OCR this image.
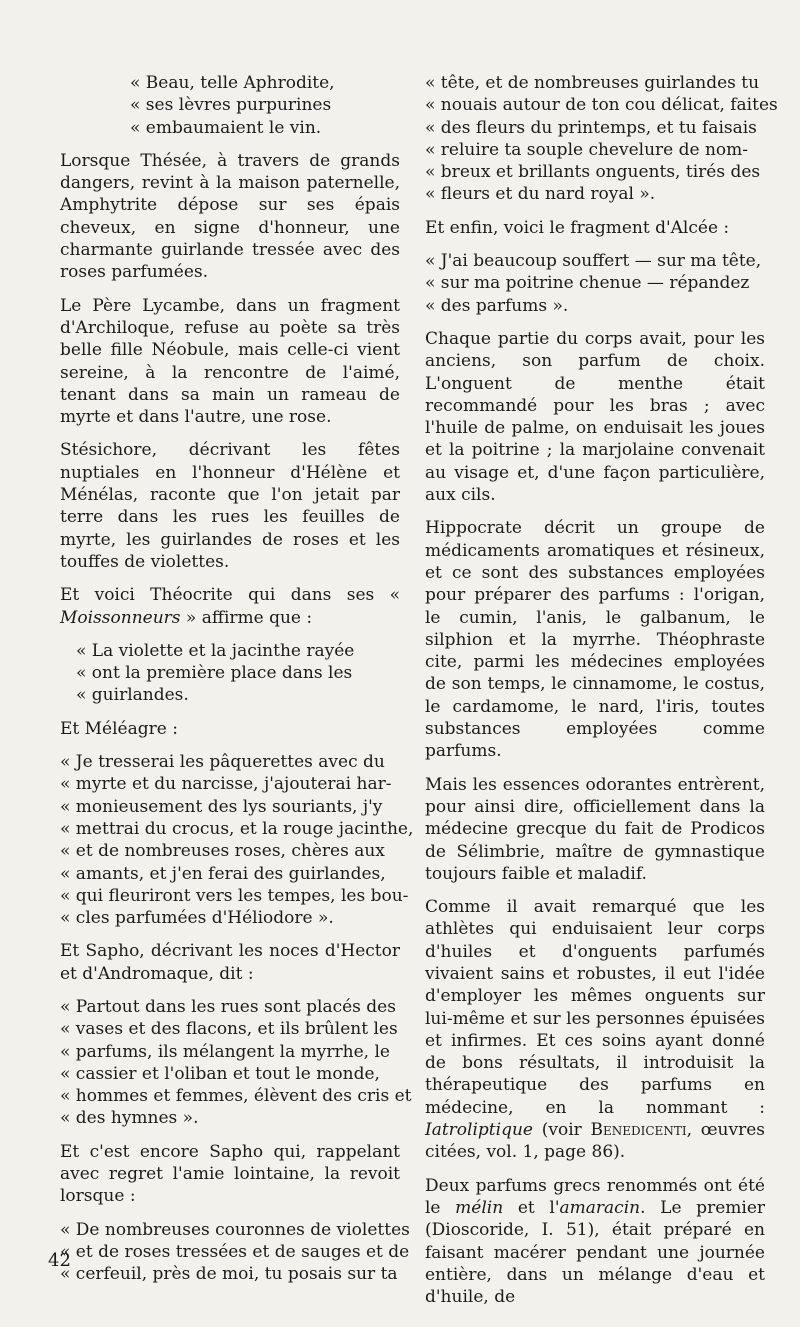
« Beau, telle Aphrodite,
« ses lèvres purpurines
« embaumaient le vin.

Lorsque Thésée, à travers de grands dangers, revint à la maison paternelle, Amphytrite dépose sur ses épais cheveux, en signe d'honneur, une charmante guirlande tressée avec des roses parfumées.

Le Père Lycambe, dans un fragment d'Archiloque, refuse au poète sa très belle fille Néobule, mais celle-ci vient sereine, à la rencontre de l'aimé, tenant dans sa main un rameau de myrte et dans l'autre, une rose.

Stésichore, décrivant les fêtes nuptiales en l'honneur d'Hélène et Ménélas, raconte que l'on jetait par terre dans les rues les feuilles de myrte, les guirlandes de roses et les touffes de violettes.

Et voici Théocrite qui dans ses « Moissonneurs » affirme que :

« La violette et la jacinthe rayée
« ont la première place dans les
« guirlandes.

Et Méléagre :

« Je tresserai les pâquerettes avec du
« myrte et du narcisse, j'ajouterai har-
« monieusement des lys souriants, j'y
« mettrai du crocus, et la rouge jacinthe,
« et de nombreuses roses, chères aux
« amants, et j'en ferai des guirlandes,
« qui fleuriront vers les tempes, les bou-
« cles parfumées d'Héliodore ».

Et Sapho, décrivant les noces d'Hector et d'Andromaque, dit :

« Partout dans les rues sont placés des
« vases et des flacons, et ils brûlent les
« parfums, ils mélangent la myrrhe, le
« cassier et l'oliban et tout le monde,
« hommes et femmes, élèvent des cris et
« des hymnes ».

Et c'est encore Sapho qui, rappelant avec regret l'amie lointaine, la revoit lorsque :

« De nombreuses couronnes de violettes
« et de roses tressées et de sauges et de
« cerfeuil, près de moi, tu posais sur ta
« tête, et de nombreuses guirlandes tu
« nouais autour de ton cou délicat, faites
« des fleurs du printemps, et tu faisais
« reluire ta souple chevelure de nom-
« breux et brillants onguents, tirés des
« fleurs et du nard royal ».

Et enfin, voici le fragment d'Alcée :

« J'ai beaucoup souffert — sur ma tête,
« sur ma poitrine chenue — répandez
« des parfums ».

Chaque partie du corps avait, pour les anciens, son parfum de choix. L'onguent de menthe était recommandé pour les bras ; avec l'huile de palme, on enduisait les joues et la poitrine ; la marjolaine convenait au visage et, d'une façon particulière, aux cils.

Hippocrate décrit un groupe de médicaments aromatiques et résineux, et ce sont des substances employées pour préparer des parfums : l'origan, le cumin, l'anis, le galbanum, le silphion et la myrrhe. Théophraste cite, parmi les médecines employées de son temps, le cinnamome, le costus, le cardamome, le nard, l'iris, toutes substances employées comme parfums.

Mais les essences odorantes entrèrent, pour ainsi dire, officiellement dans la médecine grecque du fait de Prodicos de Sélimbrie, maître de gymnastique toujours faible et maladif.

Comme il avait remarqué que les athlètes qui enduisaient leur corps d'huiles et d'onguents parfumés vivaient sains et robustes, il eut l'idée d'employer les mêmes onguents sur lui-même et sur les personnes épuisées et infirmes. Et ces soins ayant donné de bons résultats, il introduisit la thérapeutique des parfums en médecine, en la nommant : Iatroliptique (voir Benedicenti, œuvres citées, vol. 1, page 86).

Deux parfums grecs renommés ont été le mélin et l'amaracin. Le premier (Dioscoride, I. 51), était préparé en faisant macérer pendant une journée entière, dans un mélange d'eau et d'huile, de

42
